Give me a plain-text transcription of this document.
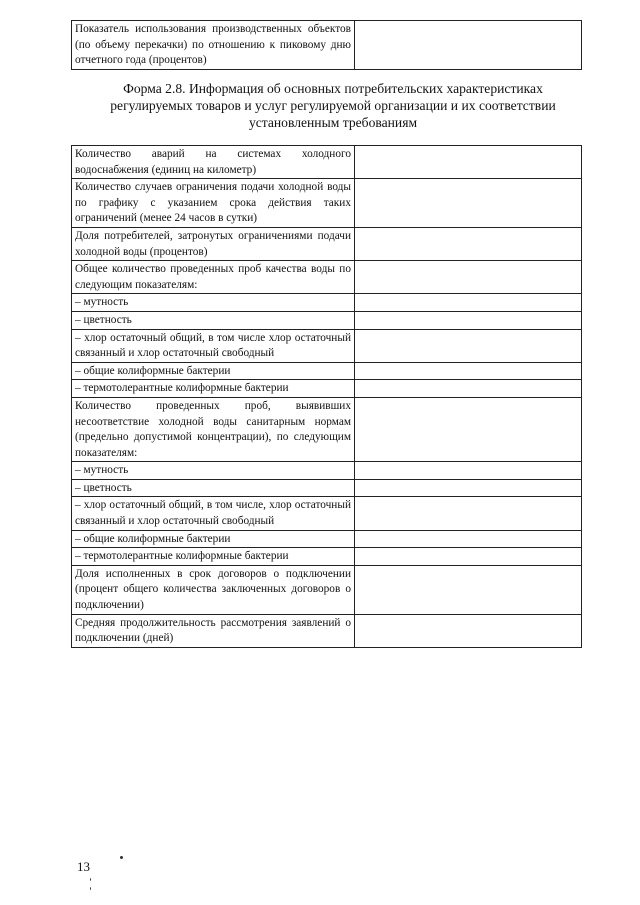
Показатель использования производственных объектов (по объему перекачки) по отношению к пиковому дню отчетного года (процентов)	
Форма 2.8. Информация об основных потребительских характеристиках регулируемых товаров и услуг регулируемой организации и их соответствии установленным требованиям
Количество аварий на системах холодного водоснабжения (единиц на километр)	
Количество случаев ограничения подачи холодной воды по графику с указанием срока действия таких ограничений (менее 24 часов в сутки)	
Доля потребителей, затронутых ограничениями подачи холодной воды (процентов)	
Общее количество проведенных проб качества воды по следующим показателям:	
– мутность	
– цветность	
– хлор остаточный общий, в том числе хлор остаточный связанный и хлор остаточный свободный	
– общие колиформные бактерии	
– термотолерантные колиформные бактерии	
Количество проведенных проб, выявивших несоответствие холодной воды санитарным нормам (предельно допустимой концентрации), по следующим показателям:	
– мутность	
– цветность	
– хлор остаточный общий, в том числе, хлор остаточный связанный и хлор остаточный свободный	
– общие колиформные бактерии	
– термотолерантные колиформные бактерии	
Доля исполненных в срок договоров о подключении (процент общего количества заключенных договоров о подключении)	
Средняя продолжительность рассмотрения заявлений о подключении (дней)	
13
